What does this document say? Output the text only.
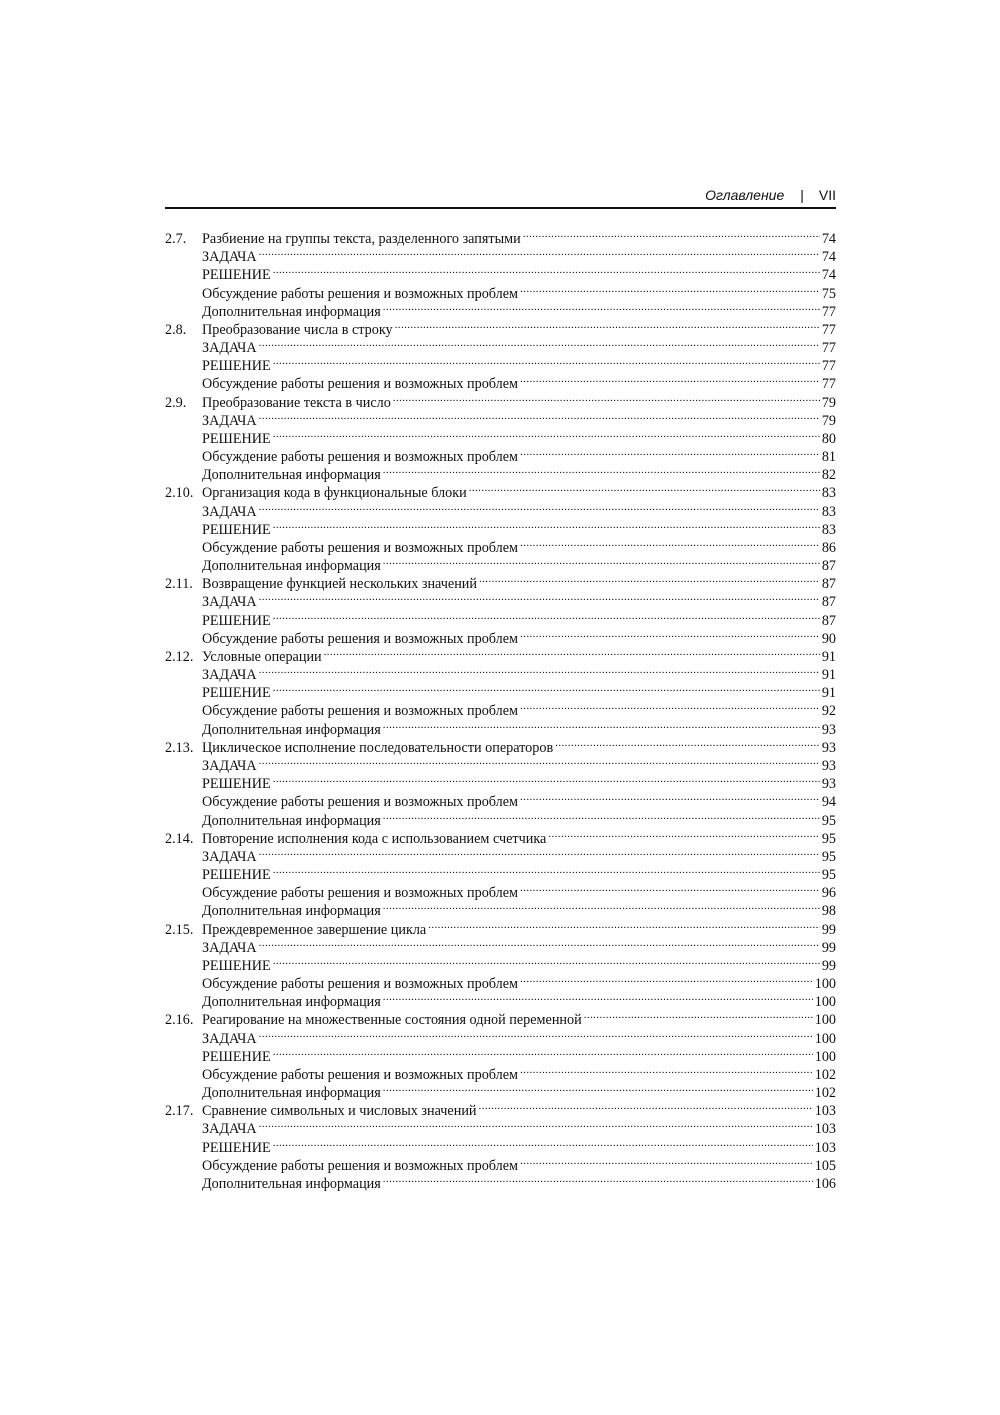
Оглавление | VII
2.7.	Разбиение на группы текста, разделенного запятыми .....	74
ЗАДАЧА .....	74
РЕШЕНИЕ .....	74
Обсуждение работы решения и возможных проблем .....	75
Дополнительная информация .....	77
2.8.	Преобразование числа в строку .....	77
ЗАДАЧА .....	77
РЕШЕНИЕ .....	77
Обсуждение работы решения и возможных проблем .....	77
2.9.	Преобразование текста в число .....	79
ЗАДАЧА .....	79
РЕШЕНИЕ .....	80
Обсуждение работы решения и возможных проблем .....	81
Дополнительная информация .....	82
2.10. Организация кода в функциональные блоки .....	83
ЗАДАЧА .....	83
РЕШЕНИЕ .....	83
Обсуждение работы решения и возможных проблем .....	86
Дополнительная информация .....	87
2.11. Возвращение функцией нескольких значений .....	87
ЗАДАЧА .....	87
РЕШЕНИЕ .....	87
Обсуждение работы решения и возможных проблем .....	90
2.12. Условные операции .....	91
ЗАДАЧА .....	91
РЕШЕНИЕ .....	91
Обсуждение работы решения и возможных проблем .....	92
Дополнительная информация .....	93
2.13. Циклическое исполнение последовательности операторов .....	93
ЗАДАЧА .....	93
РЕШЕНИЕ .....	93
Обсуждение работы решения и возможных проблем .....	94
Дополнительная информация .....	95
2.14. Повторение исполнения кода с использованием счетчика .....	95
ЗАДАЧА .....	95
РЕШЕНИЕ .....	95
Обсуждение работы решения и возможных проблем .....	96
Дополнительная информация .....	98
2.15. Преждевременное завершение цикла .....	99
ЗАДАЧА .....	99
РЕШЕНИЕ .....	99
Обсуждение работы решения и возможных проблем .....	100
Дополнительная информация .....	100
2.16. Реагирование на множественные состояния одной переменной .....	100
ЗАДАЧА .....	100
РЕШЕНИЕ .....	100
Обсуждение работы решения и возможных проблем .....	102
Дополнительная информация .....	102
2.17. Сравнение символьных и числовых значений .....	103
ЗАДАЧА .....	103
РЕШЕНИЕ .....	103
Обсуждение работы решения и возможных проблем .....	105
Дополнительная информация .....	106
